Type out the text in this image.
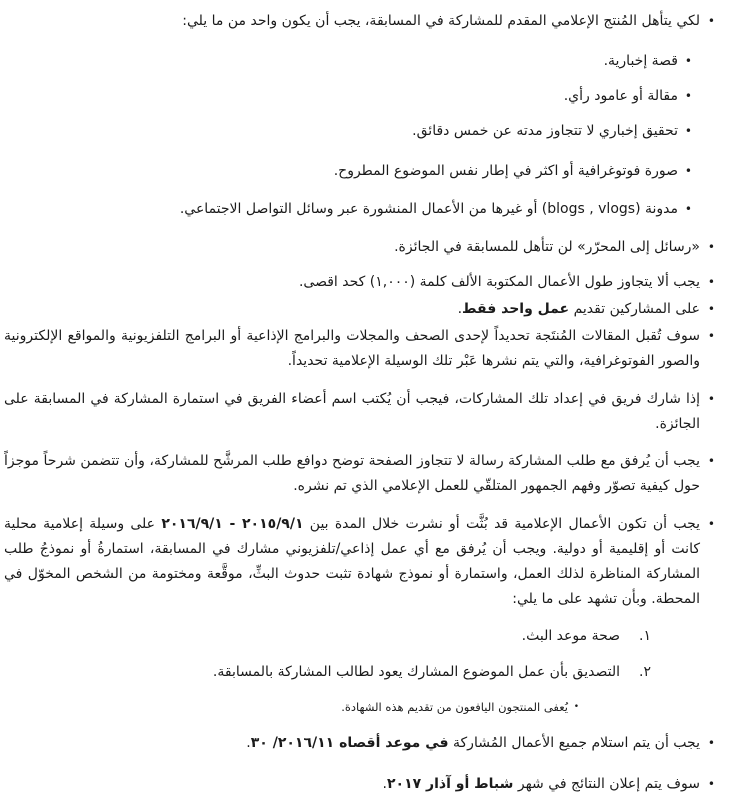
•
لكي يتأهل المُنتج الإعلامي المقدم للمشاركة في المسابقة، يجب أن يكون واحد من ما يلي:
•
قصة إخبارية.
•
مقالة أو عامود رأي.
•
تحقيق إخباري لا تتجاوز مدته عن خمس دقائق.
•
صورة فوتوغرافية أو اكثر في إطار نفس الموضوع المطروح.
•
مدونة (blogs , vlogs) أو غيرها من الأعمال المنشورة عبر وسائل التواصل الاجتماعي.
•
«رسائل إلى المحرّر» لن تتأهل للمسابقة في الجائزة.
•
يجب ألا يتجاوز طول الأعمال المكتوبة الألف كلمة (١,٠٠٠) كحد اقصى.
•
على المشاركين تقديم عمل واحد فقط.
•
سوف تُقبل المقالات المُنتَجة تحديداً لإحدى الصحف والمجلات والبرامج الإذاعية أو البرامج التلفزيونية والمواقع الإلكترونية والصور الفوتوغرافية، والتي يتم نشرها عَبْر تلك الوسيلة الإعلامية تحديداً.
•
إذا شارك فريق في إعداد تلك المشاركات، فيجب أن يُكتب اسم أعضاء الفريق في استمارة المشاركة في المسابقة على الجائزة.
•
يجب أن يُرفق مع طلب المشاركة رسالة لا تتجاوز الصفحة توضح دوافع طلب المرشَّح للمشاركة، وأن تتضمن شرحاً موجزاً حول كيفية تصوّر وفهم الجمهور المتلقّي للعمل الإعلامي الذي تم نشره.
•
يجب أن تكون الأعمال الإعلامية قد بُثَّت أو نشرت خلال المدة بين ٢٠١٥/٩/١ - ٢٠١٦/٩/١ على وسيلة إعلامية محلية كانت أو إقليمية أو دولية. ويجب أن يُرفق مع أي عمل إذاعي/تلفزيوني مشارك في المسابقة، استمارةُ أو نموذجُ طلب المشاركة المناظرة لذلك العمل، واستمارة أو نموذج شهادة تثبت حدوث البثِّ، موقَّعة ومختومة من الشخص المخوّل في المحطة. وبأن تشهد على ما يلي:
١.
صحة موعد البث.
٢.
التصديق بأن عمل الموضوع المشارك يعود لطالب المشاركة بالمسابقة.
•
يُعفى المنتجون اليافعون من تقديم هذه الشهادة.
•
يجب أن يتم استلام جميع الأعمال المُشاركة في موعد أقصاه ٢٠١٦/١١/ ٣٠.
•
سوف يتم إعلان النتائج في شهر شباط أو آذار ٢٠١٧.
